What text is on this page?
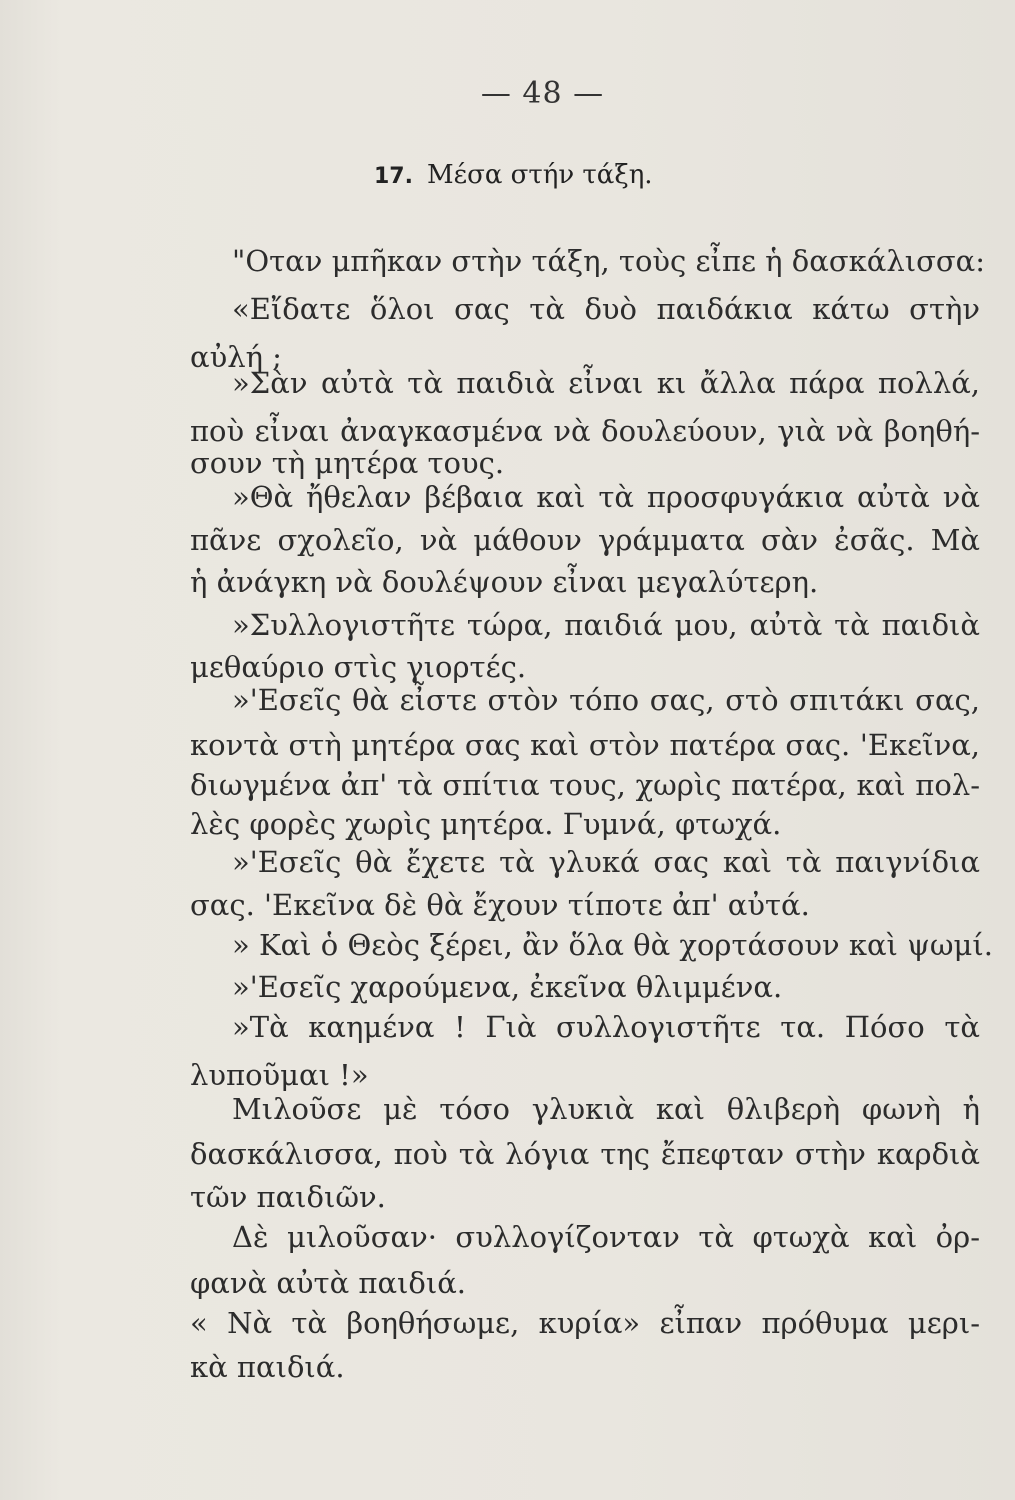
— 48 —
17. Μέσα στήν τάξη.
"Οταν μπῆκαν στὴν τάξη, τοὺς εἶπε ἡ δασκάλισσα:
«Εἴδατε ὅλοι σας τὰ δυὸ παιδάκια κάτω στὴν
αὐλή ;
»Σὰν αὐτὰ τὰ παιδιὰ εἶναι κι ἄλλα πάρα πολλά,
ποὺ εἶναι ἀναγκασμένα νὰ δουλεύουν, γιὰ νὰ βοηθή-
σουν τὴ μητέρα τους.
»Θὰ ἤθελαν βέβαια καὶ τὰ προσφυγάκια αὐτὰ νὰ
πᾶνε σχολεῖο, νὰ μάθουν γράμματα σὰν ἐσᾶς. Μὰ
ἡ ἀνάγκη νὰ δουλέψουν εἶναι μεγαλύτερη.
»Συλλογιστῆτε τώρα, παιδιά μου, αὐτὰ τὰ παιδιὰ
μεθαύριο στὶς γιορτές.
»'Εσεῖς θὰ εἶστε στὸν τόπο σας, στὸ σπιτάκι σας,
κοντὰ στὴ μητέρα σας καὶ στὸν πατέρα σας. 'Εκεῖνα,
διωγμένα ἀπ' τὰ σπίτια τους, χωρὶς πατέρα, καὶ πολ-
λὲς φορὲς χωρὶς μητέρα. Γυμνά, φτωχά.
»'Εσεῖς θὰ ἔχετε τὰ γλυκά σας καὶ τὰ παιγνίδια
σας. 'Εκεῖνα δὲ θὰ ἔχουν τίποτε ἀπ' αὐτά.
» Καὶ ὁ Θεὸς ξέρει, ἂν ὅλα θὰ χορτάσουν καὶ ψωμί.
»'Εσεῖς χαρούμενα, ἐκεῖνα θλιμμένα.
»Τὰ καημένα ! Γιὰ συλλογιστῆτε τα. Πόσο τὰ
λυποῦμαι !»
Μιλοῦσε μὲ τόσο γλυκιὰ καὶ θλιβερὴ φωνὴ ἡ
δασκάλισσα, ποὺ τὰ λόγια της ἔπεφταν στὴν καρδιὰ
τῶν παιδιῶν.
Δὲ μιλοῦσαν· συλλογίζονταν τὰ φτωχὰ καὶ ὀρ-
φανὰ αὐτὰ παιδιά.
« Νὰ τὰ βοηθήσωμε, κυρία» εἶπαν πρόθυμα μερι-
κὰ παιδιά.
